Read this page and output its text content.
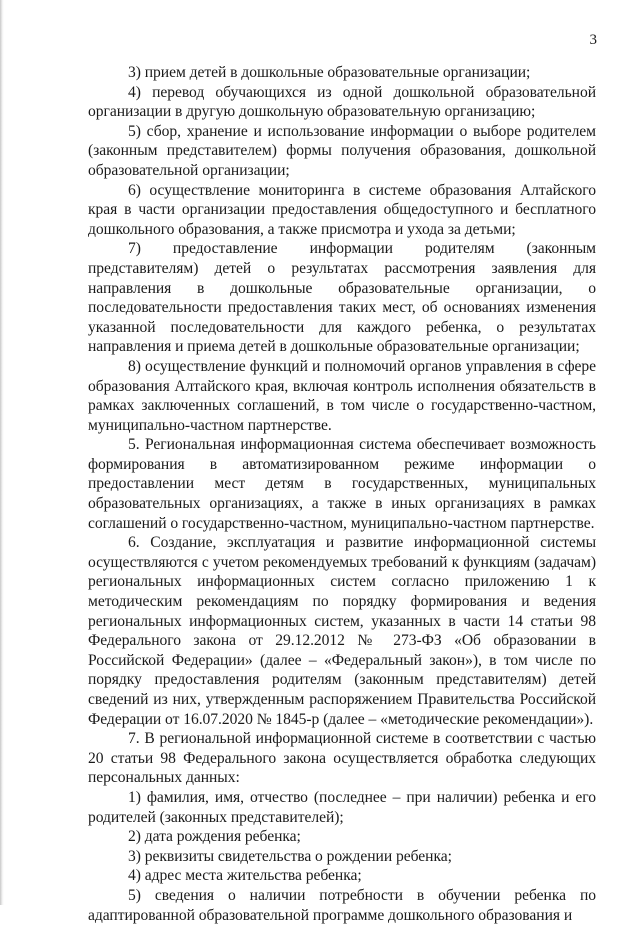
3

3) прием детей в дошкольные образовательные организации;

4) перевод обучающихся из одной дошкольной образовательной организации в другую дошкольную образовательную организацию;

5) сбор, хранение и использование информации о выборе родителем (законным представителем) формы получения образования, дошкольной образовательной организации;

6) осуществление мониторинга в системе образования Алтайского края в части организации предоставления общедоступного и бесплатного дошкольного образования, а также присмотра и ухода за детьми;

7) предоставление информации родителям (законным представителям) детей о результатах рассмотрения заявления для направления в дошкольные образовательные организации, о последовательности предоставления таких мест, об основаниях изменения указанной последовательности для каждого ребенка, о результатах направления и приема детей в дошкольные образовательные организации;

8) осуществление функций и полномочий органов управления в сфере образования Алтайского края, включая контроль исполнения обязательств в рамках заключенных соглашений, в том числе о государственно-частном, муниципально-частном партнерстве.

5. Региональная информационная система обеспечивает возможность формирования в автоматизированном режиме информации о предоставлении мест детям в государственных, муниципальных образовательных организациях, а также в иных организациях в рамках соглашений о государственно-частном, муниципально-частном партнерстве.

6. Создание, эксплуатация и развитие информационной системы осуществляются с учетом рекомендуемых требований к функциям (задачам) региональных информационных систем согласно приложению 1 к методическим рекомендациям по порядку формирования и ведения региональных информационных систем, указанных в части 14 статьи 98 Федерального закона от 29.12.2012 № 273-ФЗ «Об образовании в Российской Федерации» (далее – «Федеральный закон»), в том числе по порядку предоставления родителям (законным представителям) детей сведений из них, утвержденным распоряжением Правительства Российской Федерации от 16.07.2020 № 1845-р (далее – «методические рекомендации»).

7. В региональной информационной системе в соответствии с частью 20 статьи 98 Федерального закона осуществляется обработка следующих персональных данных:

1) фамилия, имя, отчество (последнее – при наличии) ребенка и его родителей (законных представителей);

2) дата рождения ребенка;

3) реквизиты свидетельства о рождении ребенка;

4) адрес места жительства ребенка;

5) сведения о наличии потребности в обучении ребенка по адаптированной образовательной программе дошкольного образования и
